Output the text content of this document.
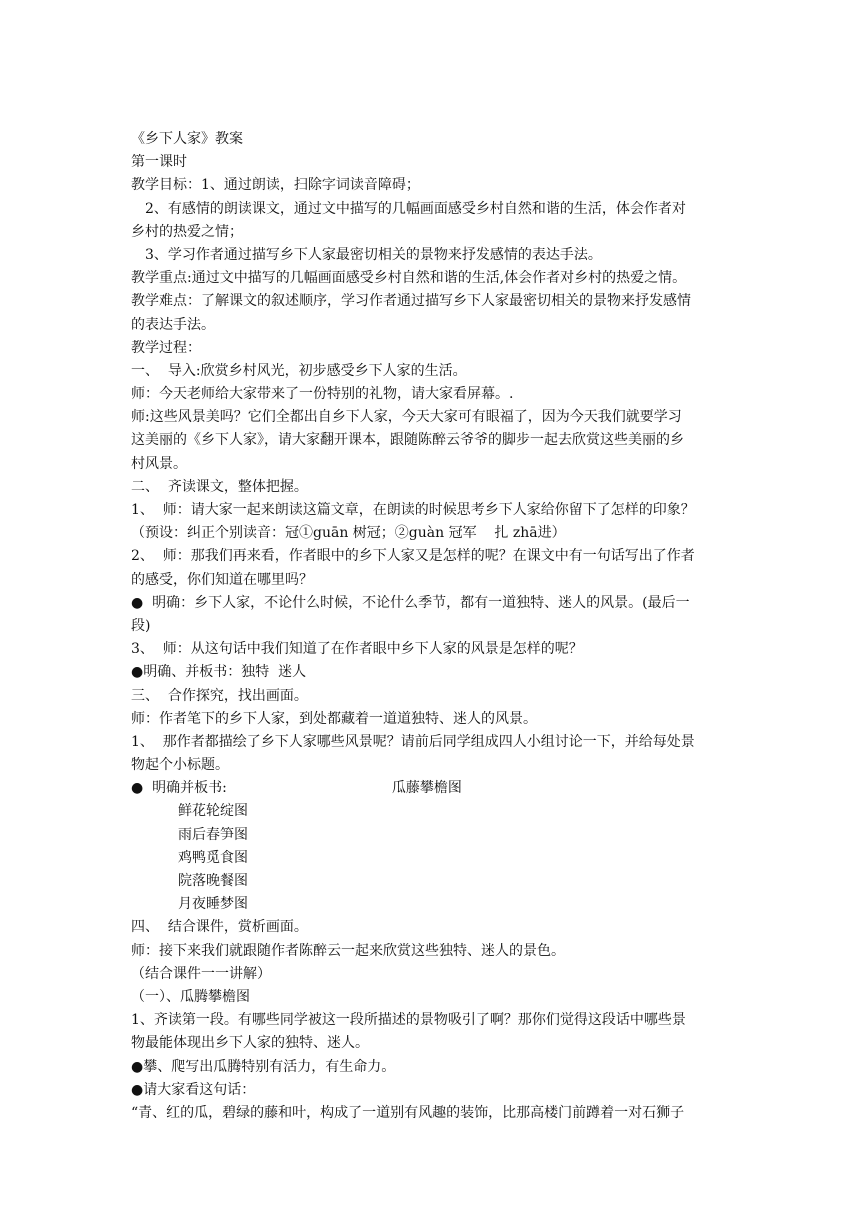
《乡下人家》教案
第一课时
教学目标：1、通过朗读，扫除字词读音障碍；
2、有感情的朗读课文，通过文中描写的几幅画面感受乡村自然和谐的生活，体会作者对
乡村的热爱之情；
3、学习作者通过描写乡下人家最密切相关的景物来抒发感情的表达手法。
教学重点:通过文中描写的几幅画面感受乡村自然和谐的生活,体会作者对乡村的热爱之情。
教学难点：了解课文的叙述顺序，学习作者通过描写乡下人家最密切相关的景物来抒发感情
的表达手法。
教学过程：
一、  导入:欣赏乡村风光，初步感受乡下人家的生活。
师：今天老师给大家带来了一份特别的礼物，请大家看屏幕。.
师:这些风景美吗？它们全都出自乡下人家，今天大家可有眼福了，因为今天我们就要学习
这美丽的《乡下人家》，请大家翻开课本，跟随陈醉云爷爷的脚步一起去欣赏这些美丽的乡
村风景。
二、  齐读课文，整体把握。
1、  师：请大家一起来朗读这篇文章，在朗读的时候思考乡下人家给你留下了怎样的印象？
（预设：纠正个别读音：冠①guān 树冠；②guàn 冠军    扎 zhā进）
2、  师：那我们再来看，作者眼中的乡下人家又是怎样的呢？在课文中有一句话写出了作者
的感受，你们知道在哪里吗？
●  明确：乡下人家，不论什么时候，不论什么季节，都有一道独特、迷人的风景。(最后一
段)
3、  师：从这句话中我们知道了在作者眼中乡下人家的风景是怎样的呢？
●明确、并板书：独特  迷人
三、  合作探究，找出画面。
师：作者笔下的乡下人家，到处都藏着一道道独特、迷人的风景。
1、  那作者都描绘了乡下人家哪些风景呢？请前后同学组成四人小组讨论一下，并给每处景
物起个小标题。
●  明确并板书:	瓜藤攀檐图
鲜花轮绽图
雨后春笋图
鸡鸭觅食图
院落晚餐图
月夜睡梦图
四、  结合课件，赏析画面。
师：接下来我们就跟随作者陈醉云一起来欣赏这些独特、迷人的景色。
（结合课件一一讲解）
（一）、瓜腾攀檐图
1、齐读第一段。有哪些同学被这一段所描述的景物吸引了啊？那你们觉得这段话中哪些景
物最能体现出乡下人家的独特、迷人。
●攀、爬写出瓜腾特别有活力，有生命力。
●请大家看这句话：
“青、红的瓜，碧绿的藤和叶，构成了一道别有风趣的装饰，比那高楼门前蹲着一对石狮子
